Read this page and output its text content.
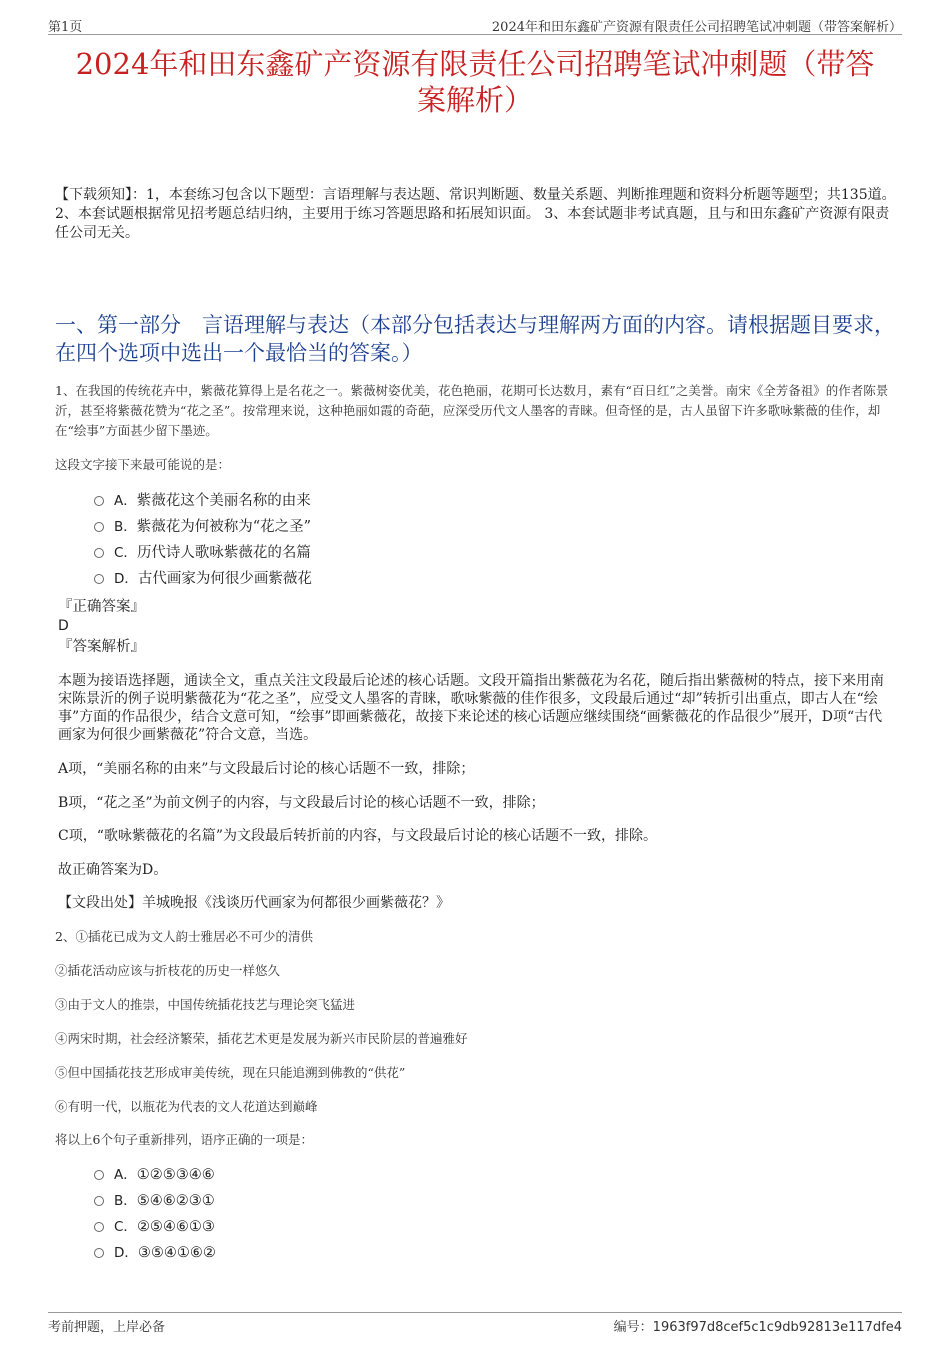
第1页	2024年和田东鑫矿产资源有限责任公司招聘笔试冲刺题（带答案解析）
2024年和田东鑫矿产资源有限责任公司招聘笔试冲刺题（带答
案解析）
【下载须知】：1，本套练习包含以下题型：言语理解与表达题、常识判断题、数量关系题、判断推理题和资料分析题等题型；共135道。 2、本套试题根据常见招考题总结归纳，主要用于练习答题思路和拓展知识面。 3、本套试题非考试真题，且与和田东鑫矿产资源有限责任公司无关。
一、第一部分　言语理解与表达（本部分包括表达与理解两方面的内容。请根据题目要求，在四个选项中选出一个最恰当的答案。）
1、在我国的传统花卉中，紫薇花算得上是名花之一。紫薇树姿优美，花色艳丽，花期可长达数月，素有“百日红”之美誉。南宋《全芳备祖》的作者陈景沂，甚至将紫薇花赞为“花之圣”。按常理来说，这种艳丽如霞的奇葩，应深受历代文人墨客的青睐。但奇怪的是，古人虽留下许多歌咏紫薇的佳作，却在“绘事”方面甚少留下墨迹。
这段文字接下来最可能说的是：
A．紫薇花这个美丽名称的由来
B．紫薇花为何被称为“花之圣”
C．历代诗人歌咏紫薇花的名篇
D．古代画家为何很少画紫薇花
『正确答案』
D
『答案解析』
本题为接语选择题，通读全文，重点关注文段最后论述的核心话题。文段开篇指出紫薇花为名花，随后指出紫薇树的特点，接下来用南宋陈景沂的例子说明紫薇花为“花之圣”，应受文人墨客的青睐，歌咏紫薇的佳作很多，文段最后通过“却”转折引出重点，即古人在“绘事”方面的作品很少，结合文意可知，“绘事”即画紫薇花，故接下来论述的核心话题应继续围绕“画紫薇花的作品很少”展开，D项“古代画家为何很少画紫薇花”符合文意，当选。
A项，“美丽名称的由来”与文段最后讨论的核心话题不一致，排除；
B项，“花之圣”为前文例子的内容，与文段最后讨论的核心话题不一致，排除；
C项，“歌咏紫薇花的名篇”为文段最后转折前的内容，与文段最后讨论的核心话题不一致，排除。
故正确答案为D。
【文段出处】羊城晚报《浅谈历代画家为何都很少画紫薇花？》
2、①插花已成为文人韵士雅居必不可少的清供
②插花活动应该与折枝花的历史一样悠久
③由于文人的推崇，中国传统插花技艺与理论突飞猛进
④两宋时期，社会经济繁荣，插花艺术更是发展为新兴市民阶层的普遍雅好
⑤但中国插花技艺形成审美传统，现在只能追溯到佛教的“供花”
⑥有明一代，以瓶花为代表的文人花道达到巅峰
将以上6个句子重新排列，语序正确的一项是：
A．①②⑤③④⑥
B．⑤④⑥②③①
C．②⑤④⑥①③
D．③⑤④①⑥②
考前押题，上岸必备	编号：1963f97d8cef5c1c9db92813e117dfe4
